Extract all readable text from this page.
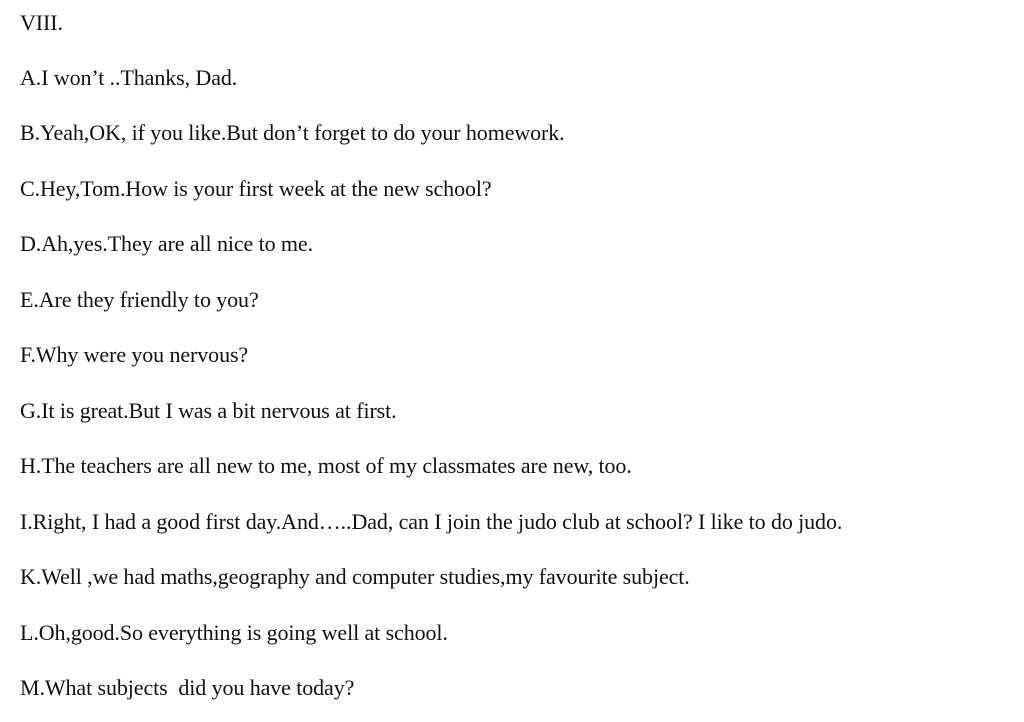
VIII.
A.I won’t ..Thanks, Dad.
B.Yeah,OK, if you like.But don’t forget to do your homework.
C.Hey,Tom.How is your first week at the new school?
D.Ah,yes.They are all nice to me.
E.Are they friendly to you?
F.Why were you nervous?
G.It is great.But I was a bit nervous at first.
H.The teachers are all new to me, most of my classmates are new, too.
I.Right, I had a good first day.And…..Dad, can I join the judo club at school? I like to do judo.
K.Well ,we had maths,geography and computer studies,my favourite subject.
L.Oh,good.So everything is going well at school.
M.What subjects  did you have today?
